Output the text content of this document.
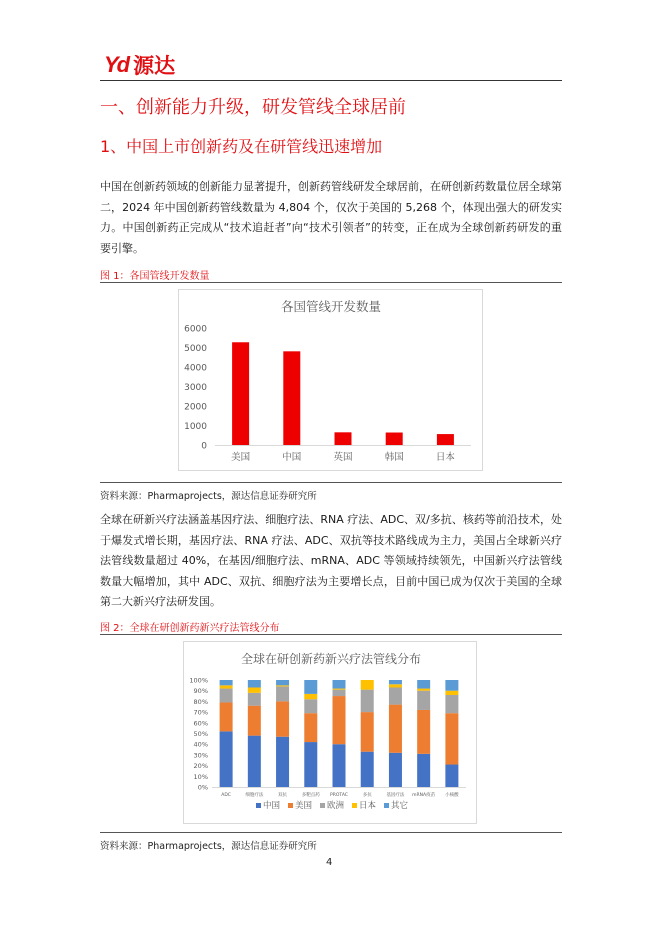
Yd 源达
一、创新能力升级，研发管线全球居前
1、中国上市创新药及在研管线迅速增加

中国在创新药领域的创新能力显著提升，创新药管线研发全球居前，在研创新药数量位居全球第二，2024 年中国创新药管线数量为 4,804 个，仅次于美国的 5,268 个，体现出强大的研发实力。中国创新药正完成从“技术追赶者”向“技术引领者”的转变，正在成为全球创新药研发的重要引擎。

图 1：各国管线开发数量
各国管线开发数量
0
1000
2000
3000
4000
5000
6000
美国	中国	英国	韩国	日本
资料来源：Pharmaprojects，源达信息证券研究所

全球在研新兴疗法涵盖基因疗法、细胞疗法、RNA 疗法、ADC、双/多抗、核药等前沿技术，处于爆发式增长期，基因疗法、RNA 疗法、ADC、双抗等技术路线成为主力，美国占全球新兴疗法管线数量超过 40%，在基因/细胞疗法、mRNA、ADC 等领域持续领先，中国新兴疗法管线数量大幅增加，其中 ADC、双抗、细胞疗法为主要增长点，目前中国已成为仅次于美国的全球第二大新兴疗法研发国。

图 2：全球在研创新药新兴疗法管线分布
全球在研创新药新兴疗法管线分布
0%
10%
20%
30%
40%
50%
60%
70%
80%
90%
100%
ADC	细胞疗法	双抗	多靶点药 PROTAC	多抗	基因疗法 mRNA疫苗 小核酸
中国 美国 欧洲 日本 其它
资料来源：Pharmaprojects，源达信息证券研究所
4
